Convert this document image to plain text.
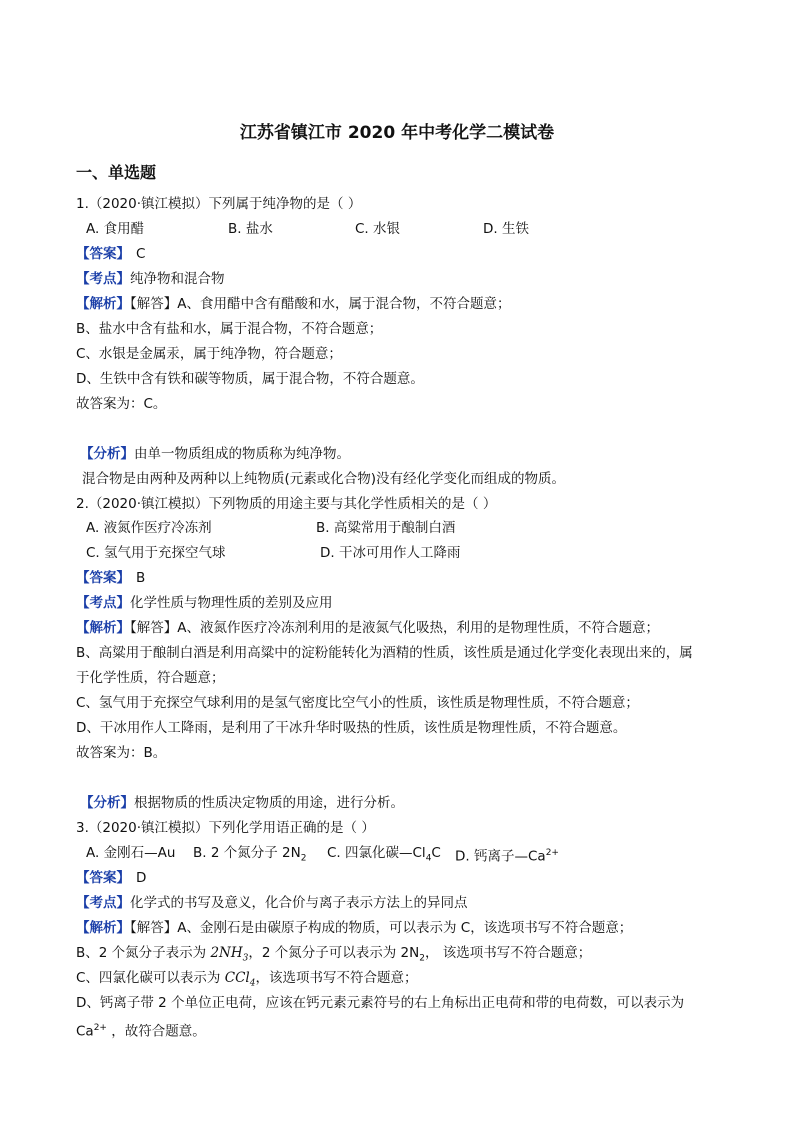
江苏省镇江市 2020 年中考化学二模试卷
一、单选题
1.（2020·镇江模拟）下列属于纯净物的是（ ）
A. 食用醋	B. 盐水	C. 水银	D. 生铁
【答案】 C
【考点】纯净物和混合物
【解析】【解答】A、食用醋中含有醋酸和水，属于混合物，不符合题意；
B、盐水中含有盐和水，属于混合物，不符合题意；
C、水银是金属汞，属于纯净物，符合题意；
D、生铁中含有铁和碳等物质，属于混合物，不符合题意。
故答案为：C。
【分析】由单一物质组成的物质称为纯净物。
混合物是由两种及两种以上纯物质(元素或化合物)没有经化学变化而组成的物质。
2.（2020·镇江模拟）下列物质的用途主要与其化学性质相关的是（ ）
A. 液氮作医疗冷冻剂	B. 高粱常用于酿制白酒
C. 氢气用于充探空气球	D. 干冰可用作人工降雨
【答案】 B
【考点】化学性质与物理性质的差别及应用
【解析】【解答】A、液氮作医疗冷冻剂利用的是液氮气化吸热，利用的是物理性质，不符合题意；
B、高粱用于酿制白酒是利用高粱中的淀粉能转化为酒精的性质，该性质是通过化学变化表现出来的，属
于化学性质，符合题意；
C、氢气用于充探空气球利用的是氢气密度比空气小的性质，该性质是物理性质，不符合题意；
D、干冰用作人工降雨，是利用了干冰升华时吸热的性质，该性质是物理性质，不符合题意。
故答案为：B。
【分析】根据物质的性质决定物质的用途，进行分析。
3.（2020·镇江模拟）下列化学用语正确的是（ ）
A. 金刚石—Au B. 2 个氮分子 $2N_2$ C. 四氯化碳$—Cl_4C$ D. 钙离子$—Ca^{2+}$
【答案】 D
【考点】化学式的书写及意义，化合价与离子表示方法上的异同点
【解析】【解答】A、金刚石是由碳原子构成的物质，可以表示为 C，该选项书写不符合题意；
B、2 个氮分子表示为 $2NH_3$，2 个氮分子可以表示为 $2N_2$， 该选项书写不符合题意；
C、四氯化碳可以表示为 CCl$_4$，该选项书写不符合题意；
D、钙离子带 2 个单位正电荷，应该在钙元素元素符号的右上角标出正电荷和带的电荷数，可以表示为
$Ca^{2+}$ ，故符合题意。
